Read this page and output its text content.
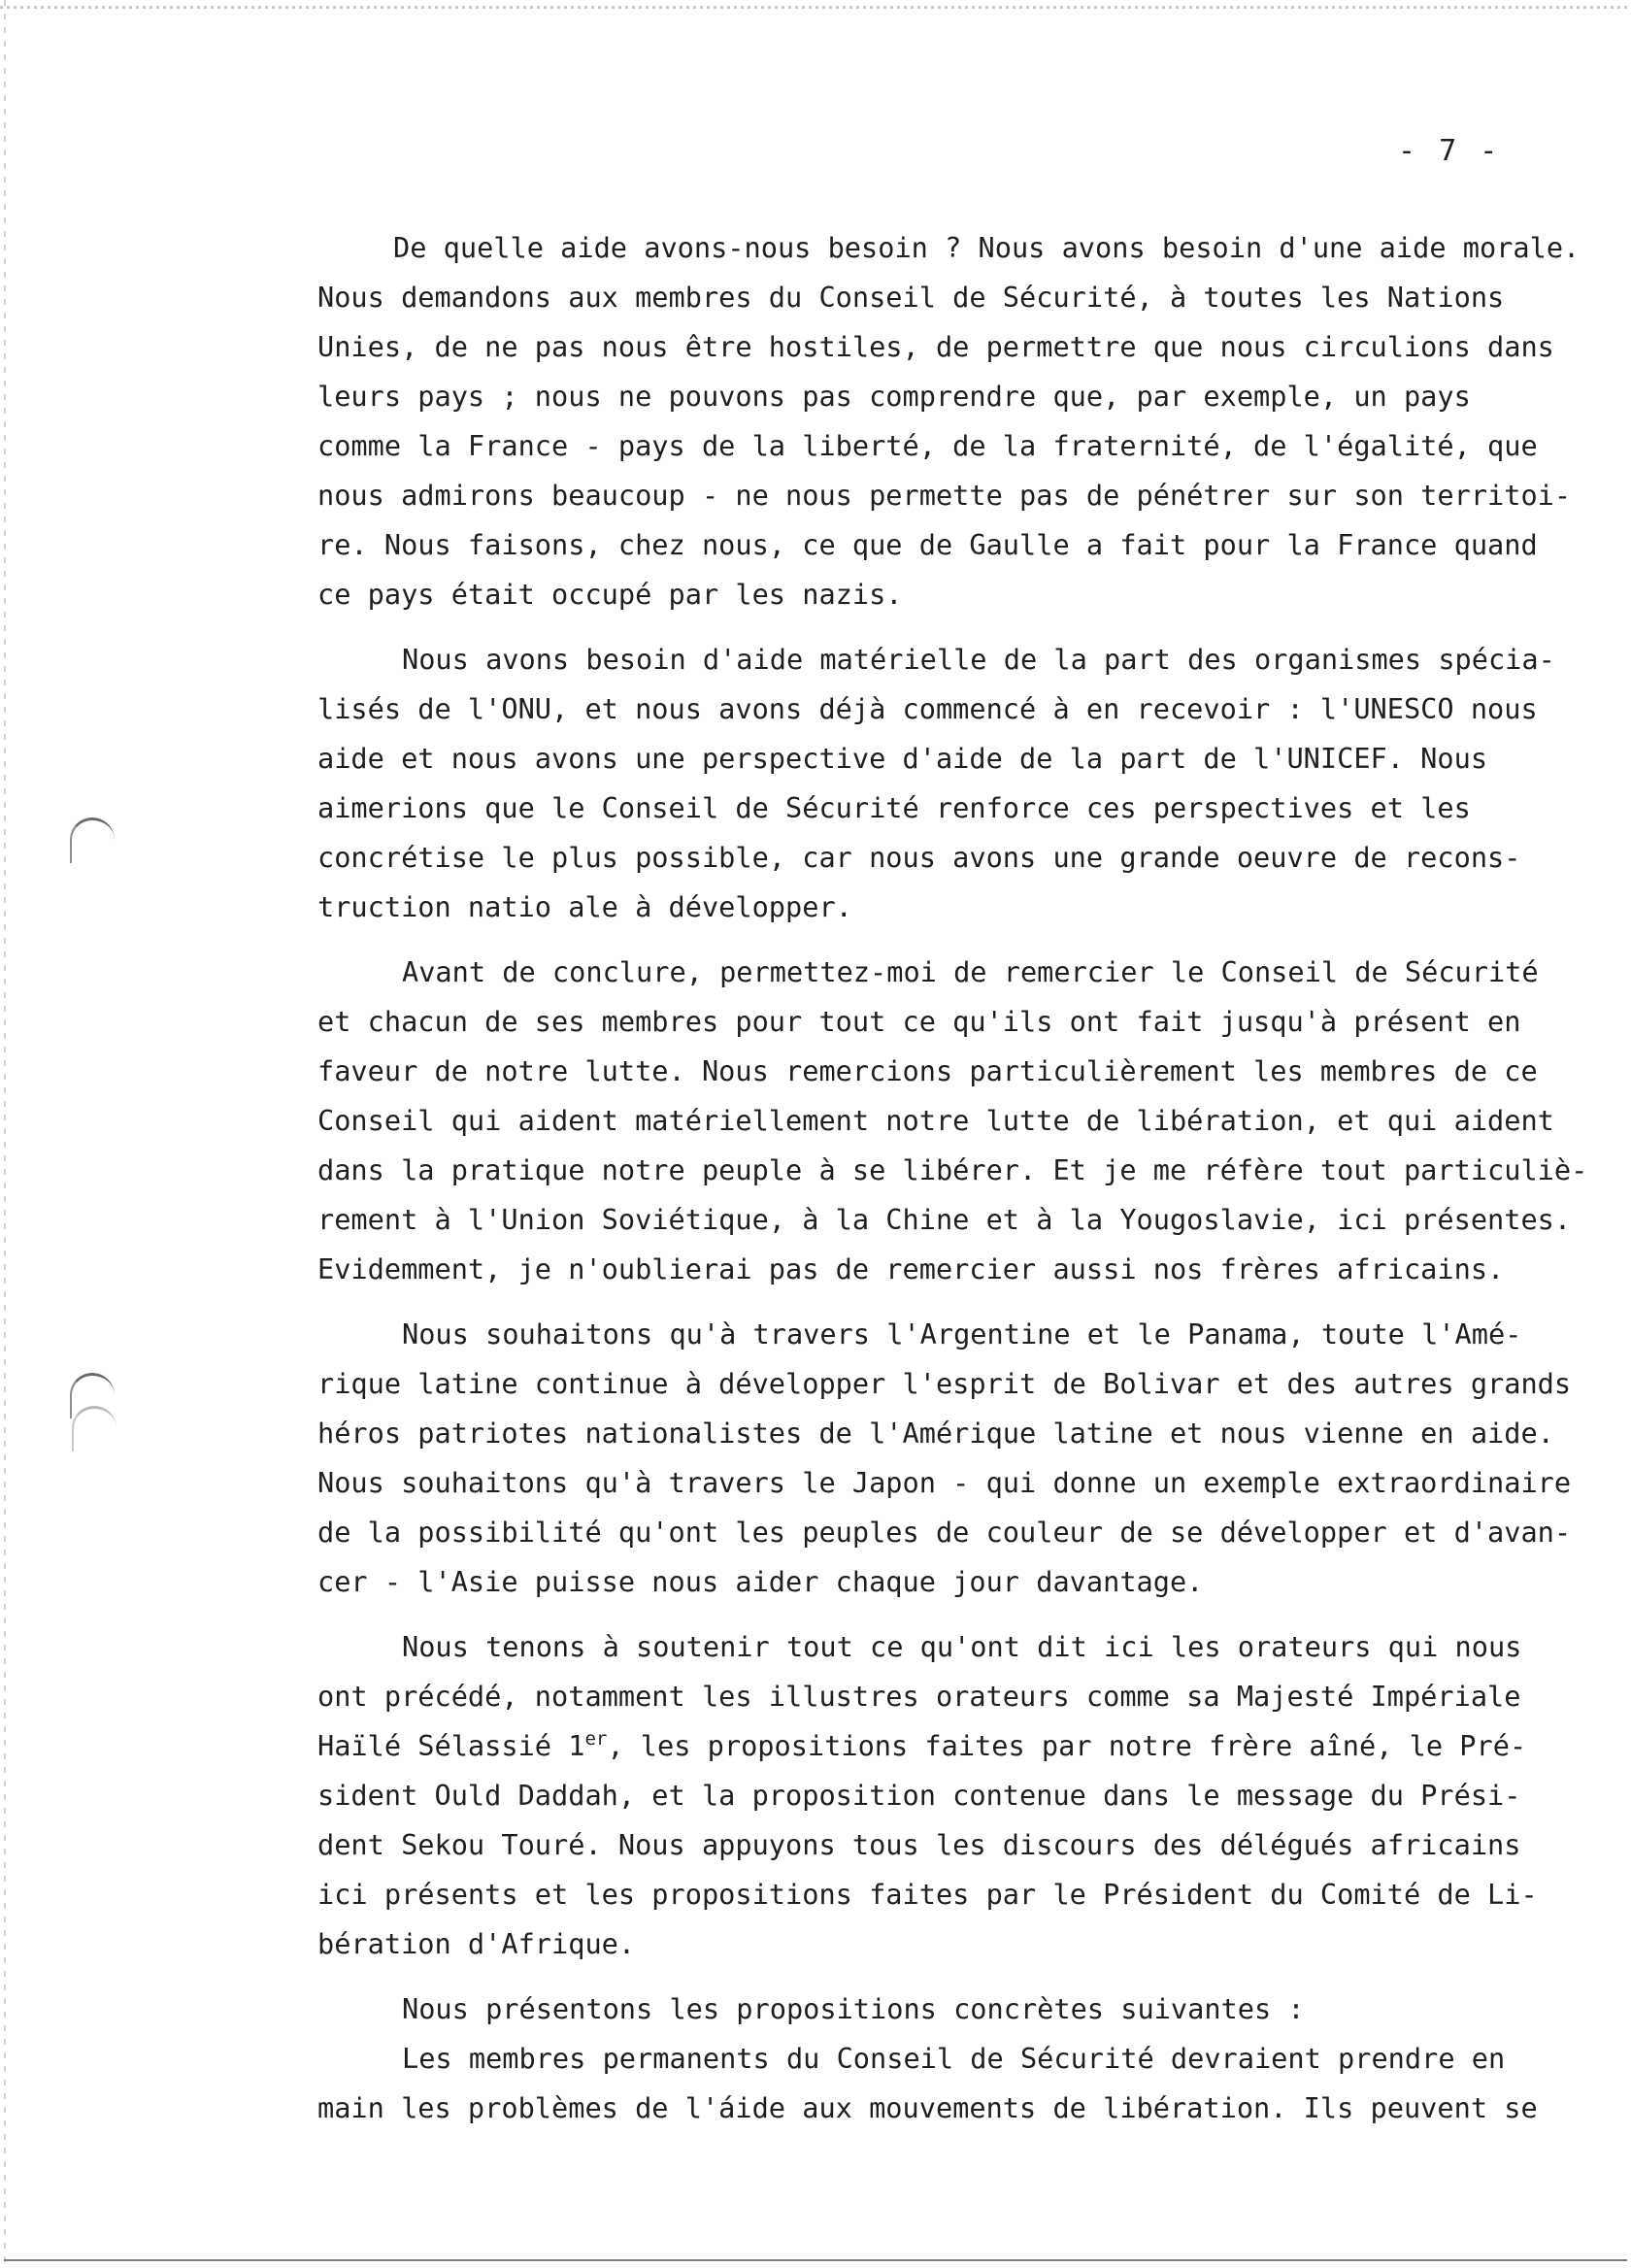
- 7 -
De quelle aide avons-nous besoin ? Nous avons besoin d'une aide morale.
Nous demandons aux membres du Conseil de Sécurité, à toutes les Nations
Unies, de ne pas nous être hostiles, de permettre que nous circulions dans
leurs pays ; nous ne pouvons pas comprendre que, par exemple, un pays
comme la France - pays de la liberté, de la fraternité, de l'égalité, que
nous admirons beaucoup - ne nous permette pas de pénétrer sur son territoi-
re. Nous faisons, chez nous, ce que de Gaulle a fait pour la France quand
ce pays était occupé par les nazis.
Nous avons besoin d'aide matérielle de la part des organismes spécia-
lisés de l'ONU, et nous avons déjà commencé à en recevoir : l'UNESCO nous
aide et nous avons une perspective d'aide de la part de l'UNICEF. Nous
aimerions que le Conseil de Sécurité renforce ces perspectives et les
concrétise le plus possible, car nous avons une grande oeuvre de recons-
truction natio ale à développer.
Avant de conclure, permettez-moi de remercier le Conseil de Sécurité
et chacun de ses membres pour tout ce qu'ils ont fait jusqu'à présent en
faveur de notre lutte. Nous remercions particulièrement les membres de ce
Conseil qui aident matériellement notre lutte de libération, et qui aident
dans la pratique notre peuple à se libérer. Et je me réfère tout particuliè-
rement à l'Union Soviétique, à la Chine et à la Yougoslavie, ici présentes.
Evidemment, je n'oublierai pas de remercier aussi nos frères africains.
Nous souhaitons qu'à travers l'Argentine et le Panama, toute l'Amé-
rique latine continue à développer l'esprit de Bolivar et des autres grands
héros patriotes nationalistes de l'Amérique latine et nous vienne en aide.
Nous souhaitons qu'à travers le Japon - qui donne un exemple extraordinaire
de la possibilité qu'ont les peuples de couleur de se développer et d'avan-
cer - l'Asie puisse nous aider chaque jour davantage.
Nous tenons à soutenir tout ce qu'ont dit ici les orateurs qui nous
ont précédé, notamment les illustres orateurs comme sa Majesté Impériale
Haïlé Sélassié 1er, les propositions faites par notre frère aîné, le Pré-
sident Ould Daddah, et la proposition contenue dans le message du Prési-
dent Sekou Touré. Nous appuyons tous les discours des délégués africains
ici présents et les propositions faites par le Président du Comité de Li-
bération d'Afrique.
Nous présentons les propositions concrètes suivantes :
Les membres permanents du Conseil de Sécurité devraient prendre en
main les problèmes de l'áide aux mouvements de libération. Ils peuvent se
